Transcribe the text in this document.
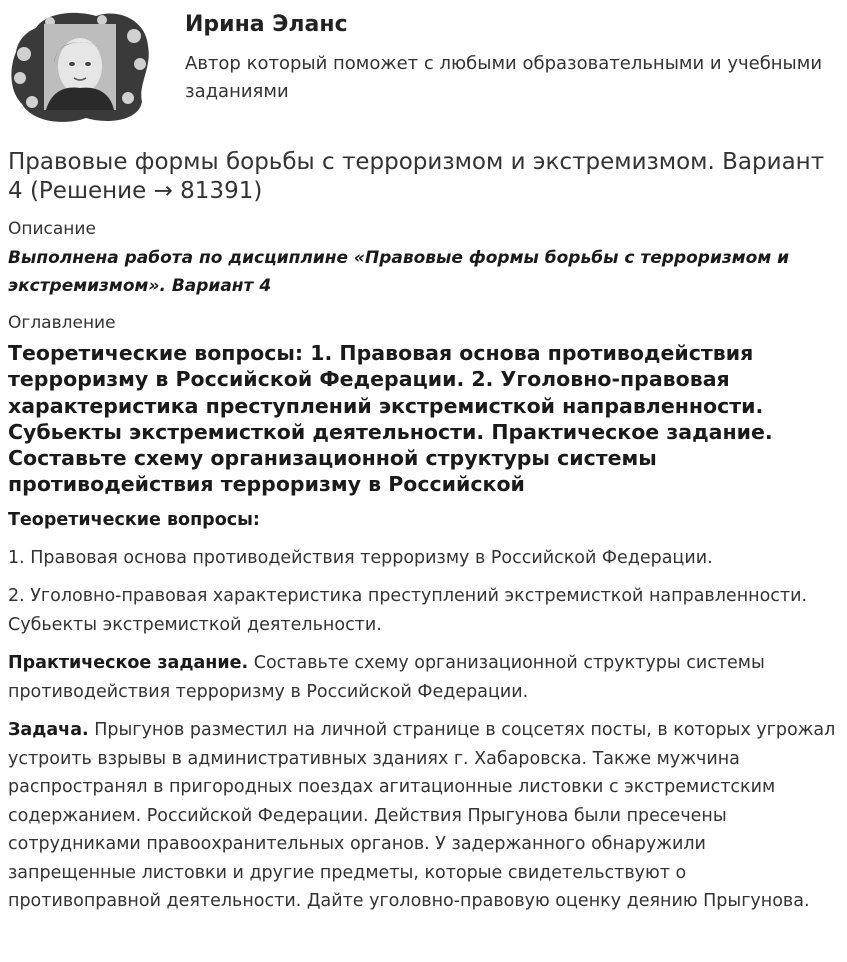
Ирина Эланс
Автор который поможет с любыми образовательными и учебными заданиями
Правовые формы борьбы с терроризмом и экстремизмом. Вариант 4 (Решение → 81391)
Описание
Выполнена работа по дисциплине «Правовые формы борьбы с терроризмом и экстремизмом». Вариант 4
Оглавление
Теоретические вопросы: 1. Правовая основа противодействия терроризму в Российской Федерации. 2. Уголовно-правовая характеристика преступлений экстремисткой направленности. Субьекты экстремисткой деятельности. Практическое задание. Составьте схему организационной структуры системы противодействия терроризму в Российской
Теоретические вопросы:
1. Правовая основа противодействия терроризму в Российской Федерации.
2. Уголовно-правовая характеристика преступлений экстремисткой направленности. Субьекты экстремисткой деятельности.
Практическое задание. Составьте схему организационной структуры системы противодействия терроризму в Российской Федерации.
Задача. Прыгунов разместил на личной странице в соцсетях посты, в которых угрожал устроить взрывы в административных зданиях г. Хабаровска. Также мужчина распространял в пригородных поездах агитационные листовки с экстремистским содержанием. Российской Федерации. Действия Прыгунова были пресечены сотрудниками правоохранительных органов. У задержанного обнаружили запрещенные листовки и другие предметы, которые свидетельствуют о противоправной деятельности. Дайте уголовно-правовую оценку деянию Прыгунова.
